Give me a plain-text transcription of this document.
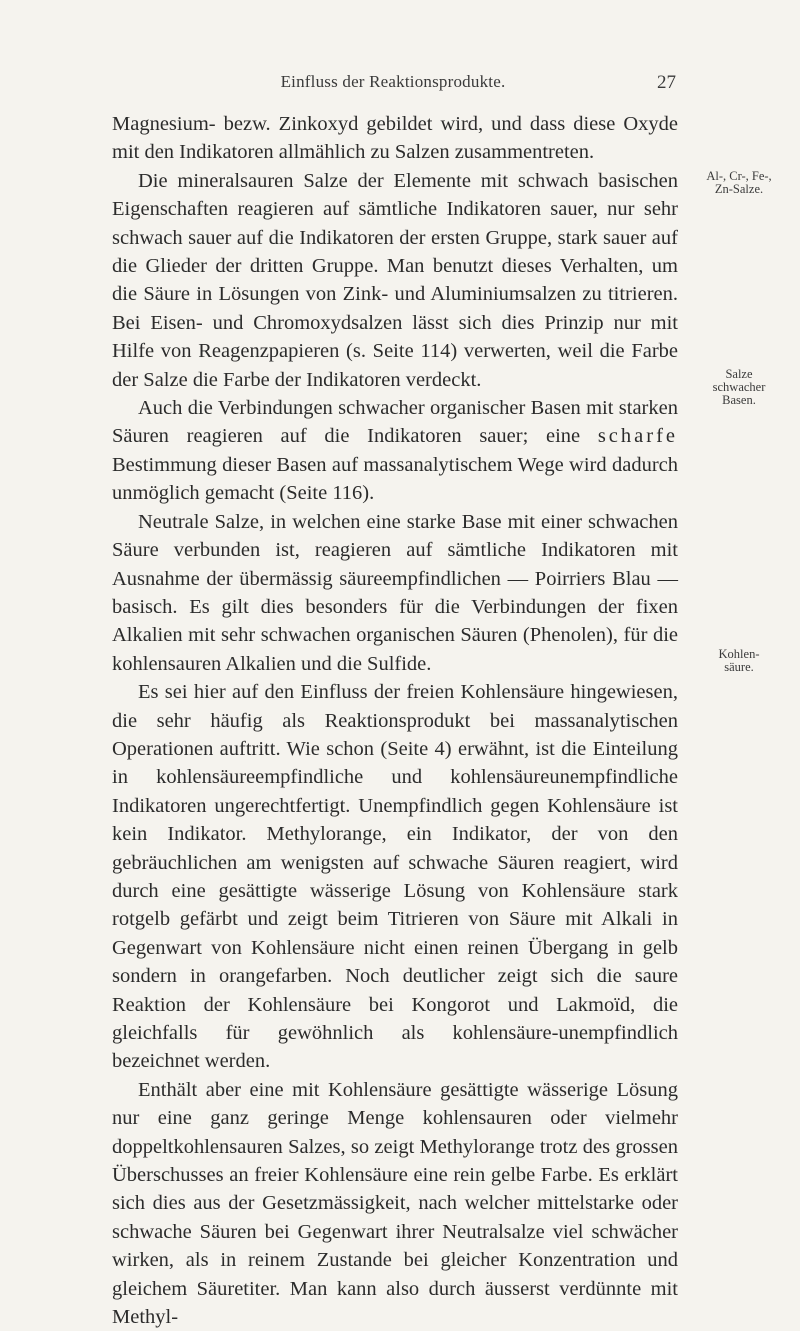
Einfluss der Reaktionsprodukte.	27

Magnesium- bezw. Zinkoxyd gebildet wird, und dass diese Oxyde mit den Indikatoren allmählich zu Salzen zusammentreten.

Die mineralsauren Salze der Elemente mit schwach basischen Eigenschaften reagieren auf sämtliche Indikatoren sauer, nur sehr schwach sauer auf die Indikatoren der ersten Gruppe, stark sauer auf die Glieder der dritten Gruppe. Man benutzt dieses Verhalten, um die Säure in Lösungen von Zink- und Aluminiumsalzen zu titrieren. Bei Eisen- und Chromoxydsalzen lässt sich dies Prinzip nur mit Hilfe von Reagenzpapieren (s. Seite 114) verwerten, weil die Farbe der Salze die Farbe der Indikatoren verdeckt.

Auch die Verbindungen schwacher organischer Basen mit starken Säuren reagieren auf die Indikatoren sauer; eine scharfe Bestimmung dieser Basen auf massanalytischem Wege wird dadurch unmöglich gemacht (Seite 116).

Neutrale Salze, in welchen eine starke Base mit einer schwachen Säure verbunden ist, reagieren auf sämtliche Indikatoren mit Ausnahme der übermässig säureempfindlichen — Poirriers Blau — basisch. Es gilt dies besonders für die Verbindungen der fixen Alkalien mit sehr schwachen organischen Säuren (Phenolen), für die kohlensauren Alkalien und die Sulfide.

Es sei hier auf den Einfluss der freien Kohlensäure hingewiesen, die sehr häufig als Reaktionsprodukt bei massanalytischen Operationen auftritt. Wie schon (Seite 4) erwähnt, ist die Einteilung in kohlensäureempfindliche und kohlensäureunempfindliche Indikatoren ungerechtfertigt. Unempfindlich gegen Kohlensäure ist kein Indikator. Methylorange, ein Indikator, der von den gebräuchlichen am wenigsten auf schwache Säuren reagiert, wird durch eine gesättigte wässerige Lösung von Kohlensäure stark rotgelb gefärbt und zeigt beim Titrieren von Säure mit Alkali in Gegenwart von Kohlensäure nicht einen reinen Übergang in gelb sondern in orangefarben. Noch deutlicher zeigt sich die saure Reaktion der Kohlensäure bei Kongorot und Lakmoïd, die gleichfalls für gewöhnlich als kohlensäure-unempfindlich bezeichnet werden.

Enthält aber eine mit Kohlensäure gesättigte wässerige Lösung nur eine ganz geringe Menge kohlensauren oder vielmehr doppeltkohlensauren Salzes, so zeigt Methylorange trotz des grossen Überschusses an freier Kohlensäure eine rein gelbe Farbe. Es erklärt sich dies aus der Gesetzmässigkeit, nach welcher mittelstarke oder schwache Säuren bei Gegenwart ihrer Neutralsalze viel schwächer wirken, als in reinem Zustande bei gleicher Konzentration und gleichem Säuretiter. Man kann also durch äusserst verdünnte mit Methyl-

Al-, Cr-, Fe-,
Zn-Salze.
Salze
schwacher
Basen.
Kohlen-
säure.
